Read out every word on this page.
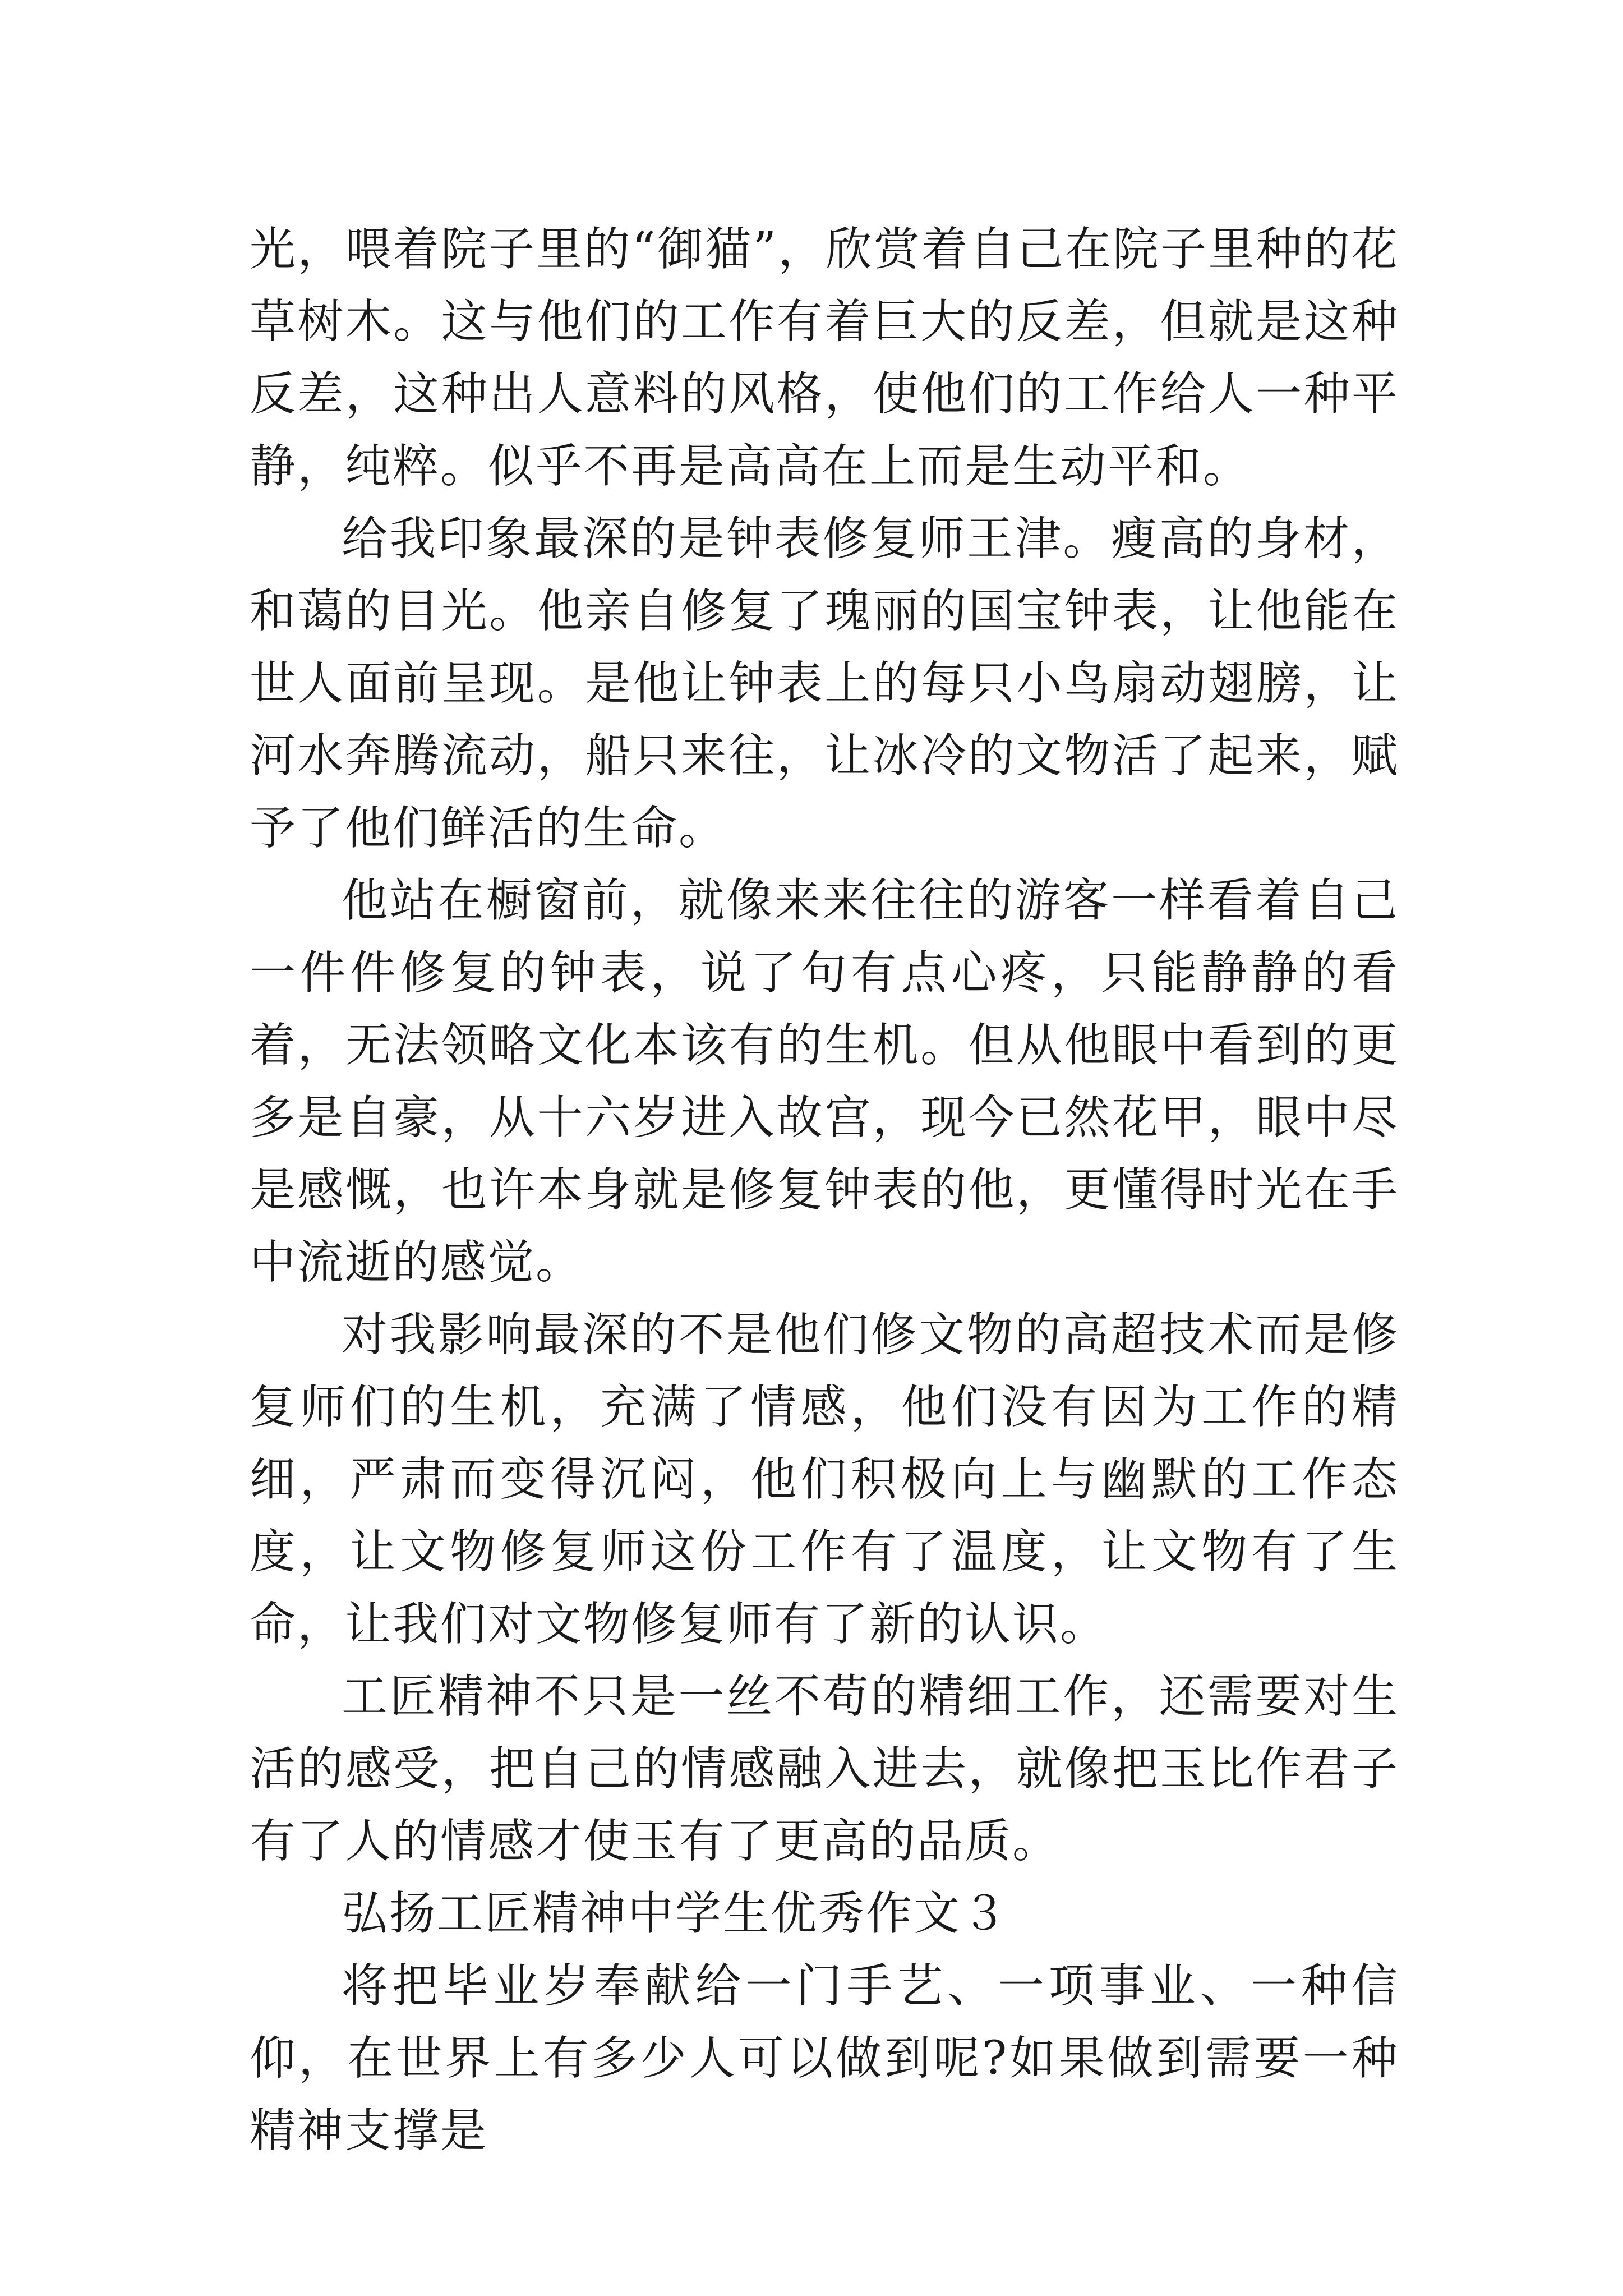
光，喂着院子里的“御猫”，欣赏着自己在院子里种的花草树木。这与他们的工作有着巨大的反差，但就是这种反差，这种出人意料的风格，使他们的工作给人一种平静，纯粹。似乎不再是高高在上而是生动平和。

给我印象最深的是钟表修复师王津。瘦高的身材，和蔼的目光。他亲自修复了瑰丽的国宝钟表，让他能在世人面前呈现。是他让钟表上的每只小鸟扇动翅膀，让河水奔腾流动，船只来往，让冰冷的文物活了起来，赋予了他们鲜活的生命。

他站在橱窗前，就像来来往往的游客一样看着自己一件件修复的钟表，说了句有点心疼，只能静静的看着，无法领略文化本该有的生机。但从他眼中看到的更多是自豪，从十六岁进入故宫，现今已然花甲，眼中尽是感慨，也许本身就是修复钟表的他，更懂得时光在手中流逝的感觉。

对我影响最深的不是他们修文物的高超技术而是修复师们的生机，充满了情感，他们没有因为工作的精细，严肃而变得沉闷，他们积极向上与幽默的工作态度，让文物修复师这份工作有了温度，让文物有了生命，让我们对文物修复师有了新的认识。

工匠精神不只是一丝不苟的精细工作，还需要对生活的感受，把自己的情感融入进去，就像把玉比作君子有了人的情感才使玉有了更高的品质。

弘扬工匠精神中学生优秀作文３

将把毕业岁奉献给一门手艺、一项事业、一种信仰，在世界上有多少人可以做到呢?如果做到需要一种精神支撑是
